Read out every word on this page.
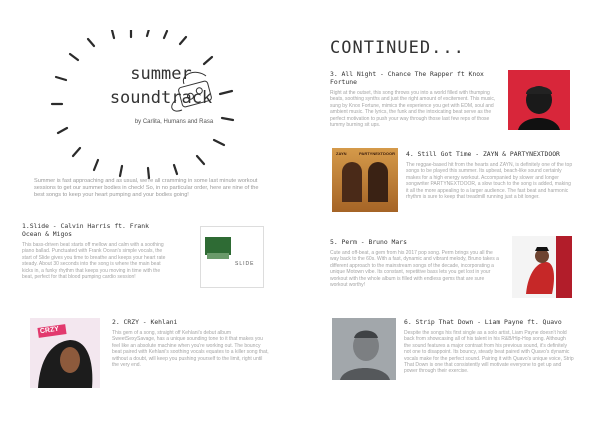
summer
soundtrack
by Carlita, Humans and Rasa
Summer is fast approaching and as usual, we're all cramming in some last minute workout sessions to get our summer bodies in check! So, in no particular order, here are nine of the best songs to keep your heart pumping and your bodies going!
1.Slide - Calvin Harris ft. Frank Ocean & Migos

This bass-driven beat starts off mellow and calm with a soothing piano ballad. Punctuated with Frank Ocean's simple vocals, the start of Slide gives you time to breathe and keeps your heart rate steady. About 30 seconds into the song is where the main beat kicks in, a funky rhythm that keeps you moving in time with the beat, perfect for that blood pumping cardio session!

SLIDE
CRZY
2. CRZY - Kehlani

This gem of a song, straight off Kehlani's debut album SweetSexySavage, has a unique sounding tone to it that makes you feel like an absolute machine when you're working out. The bouncy beat paired with Kehlani's soothing vocals equates to a killer song that, without a doubt, will keep you pushing yourself to the limit, right until the very end.

CONTINUED...
3. All Night - Chance The Rapper ft Knox Fortune

Right at the outset, this song throws you into a world filled with thumping beats, soothing synths and just the right amount of excitement. This music, sung by Knox Fortune, mimics the experience you get with EDM, soul and ambient music. The lyrics, the funk and the intoxicating beat serve as the perfect motivation to push your way through those last few reps of those tummy burning sit ups.

ZAYN	PARTYNEXTDOOR 4. Still Got Time - ZAYN & PARTYNEXTDOOR

The reggae-based hit from the hearts and ZAYN, is definitely one of the top songs to be played this summer. Its upbeat, beach-like sound certainly makes for a high energy workout. Accompanied by slower and longer songwriter PARTYNEXTDOOR, a slow touch to the song is added, making it all the more appealing to a larger audience. The fast beat and harmonic rhythm is sure to keep that treadmill running just a bit longer.

5. Perm - Bruno Mars

Cute and off-beat, a gem from his 2017 pop song. Perm brings you all the way back to the 60s. With a fast, dynamic and vibrant melody, Bruno takes a different approach to the mainstream songs of the decade, incorporating a unique Motown vibe. Its constant, repetitive bass lets you get lost in your workout with the whole album is filled with endless gems that are sure workout worthy!

6. Strip That Down - Liam Payne ft. Quavo

Despite the songs his first single as a solo artist, Liam Payne doesn't hold back from showcasing all of his talent in his R&B/Hip-Hop song. Although the sound features a major contrast from his previous sound, it's definitely not one to disappoint. Its bouncy, steady beat paired with Quavo's dynamic vocals make for the perfect sound. Pairing it with Quavo's unique voice, Strip That Down is one that consistently will motivate everyone to get up and power through their exercise.
